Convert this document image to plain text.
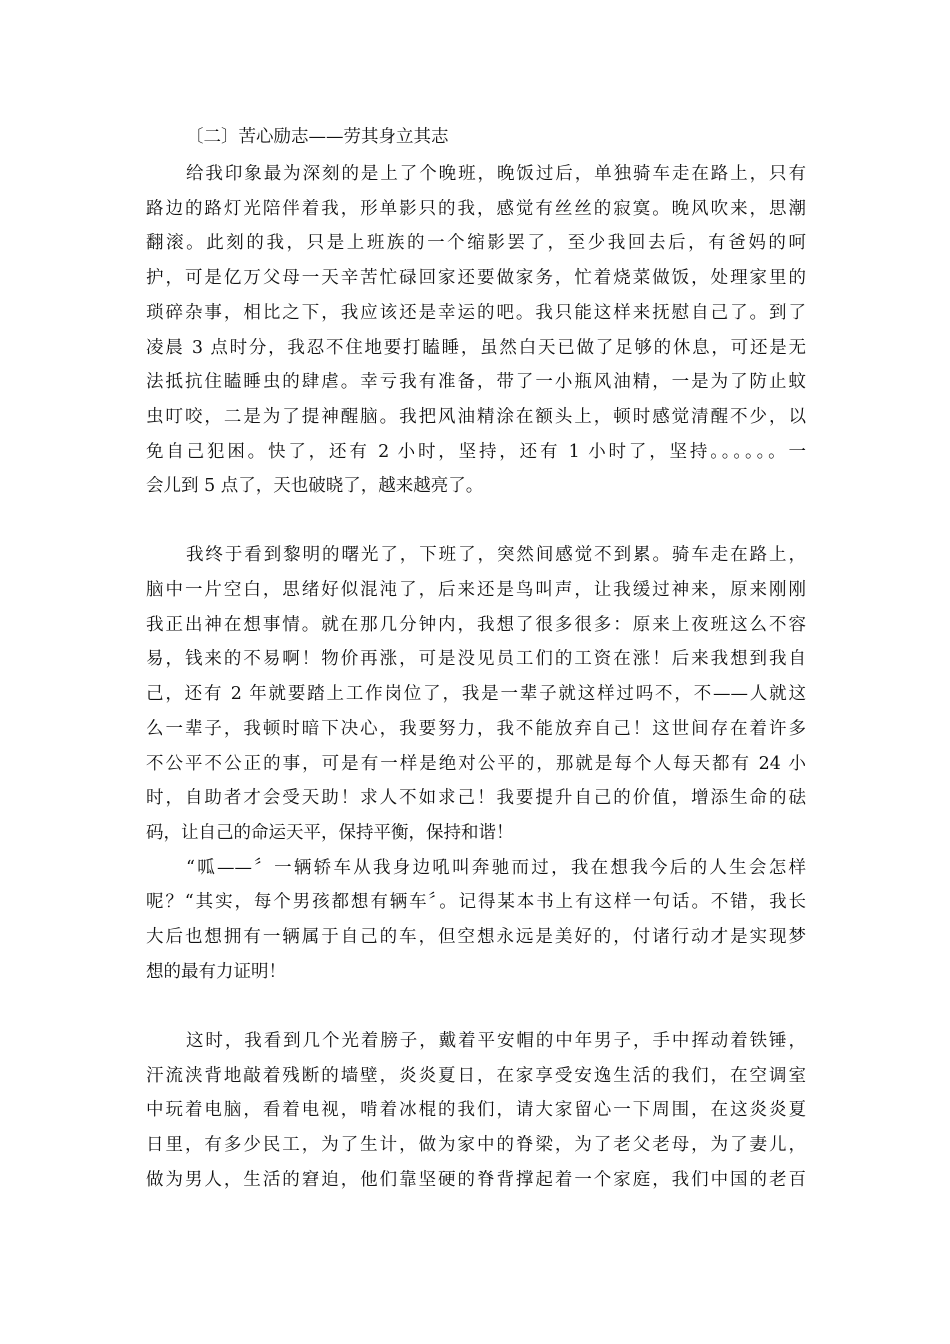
〔二〕苦心励志——劳其身立其志
给我印象最为深刻的是上了个晚班，晚饭过后，单独骑车走在路上，只有
路边的路灯光陪伴着我，形单影只的我，感觉有丝丝的寂寞。晚风吹来，思潮
翻滚。此刻的我，只是上班族的一个缩影罢了，至少我回去后，有爸妈的呵
护，可是亿万父母一天辛苦忙碌回家还要做家务，忙着烧菜做饭，处理家里的
琐碎杂事，相比之下，我应该还是幸运的吧。我只能这样来抚慰自己了。到了
凌晨 3 点时分，我忍不住地要打瞌睡，虽然白天已做了足够的休息，可还是无
法抵抗住瞌睡虫的肆虐。幸亏我有准备，带了一小瓶风油精，一是为了防止蚊
虫叮咬，二是为了提神醒脑。我把风油精涂在额头上，顿时感觉清醒不少，以
免自己犯困。快了，还有 2 小时，坚持，还有 1 小时了，坚持。。。。。。一
会儿到 5 点了，天也破晓了，越来越亮了。
我终于看到黎明的曙光了，下班了，突然间感觉不到累。骑车走在路上，
脑中一片空白，思绪好似混沌了，后来还是鸟叫声，让我缓过神来，原来刚刚
我正出神在想事情。就在那几分钟内，我想了很多很多：原来上夜班这么不容
易，钱来的不易啊！物价再涨，可是没见员工们的工资在涨！后来我想到我自
己，还有 2 年就要踏上工作岗位了，我是一辈子就这样过吗不，不——人就这
么一辈子，我顿时暗下决心，我要努力，我不能放弃自己！这世间存在着许多
不公平不公正的事，可是有一样是绝对公平的，那就是每个人每天都有 24 小
时，自助者才会受天助！求人不如求己！我要提升自己的价值，增添生命的砝
码，让自己的命运天平，保持平衡，保持和谐！
“呱——〞一辆轿车从我身边吼叫奔驰而过，我在想我今后的人生会怎样
呢？“其实，每个男孩都想有辆车〞。记得某本书上有这样一句话。不错，我长
大后也想拥有一辆属于自己的车，但空想永远是美好的，付诸行动才是实现梦
想的最有力证明！
这时，我看到几个光着膀子，戴着平安帽的中年男子，手中挥动着铁锤，
汗流浃背地敲着残断的墙壁，炎炎夏日，在家享受安逸生活的我们，在空调室
中玩着电脑，看着电视，啃着冰棍的我们，请大家留心一下周围，在这炎炎夏
日里，有多少民工，为了生计，做为家中的脊梁，为了老父老母，为了妻儿，
做为男人，生活的窘迫，他们靠坚硬的脊背撑起着一个家庭，我们中国的老百
